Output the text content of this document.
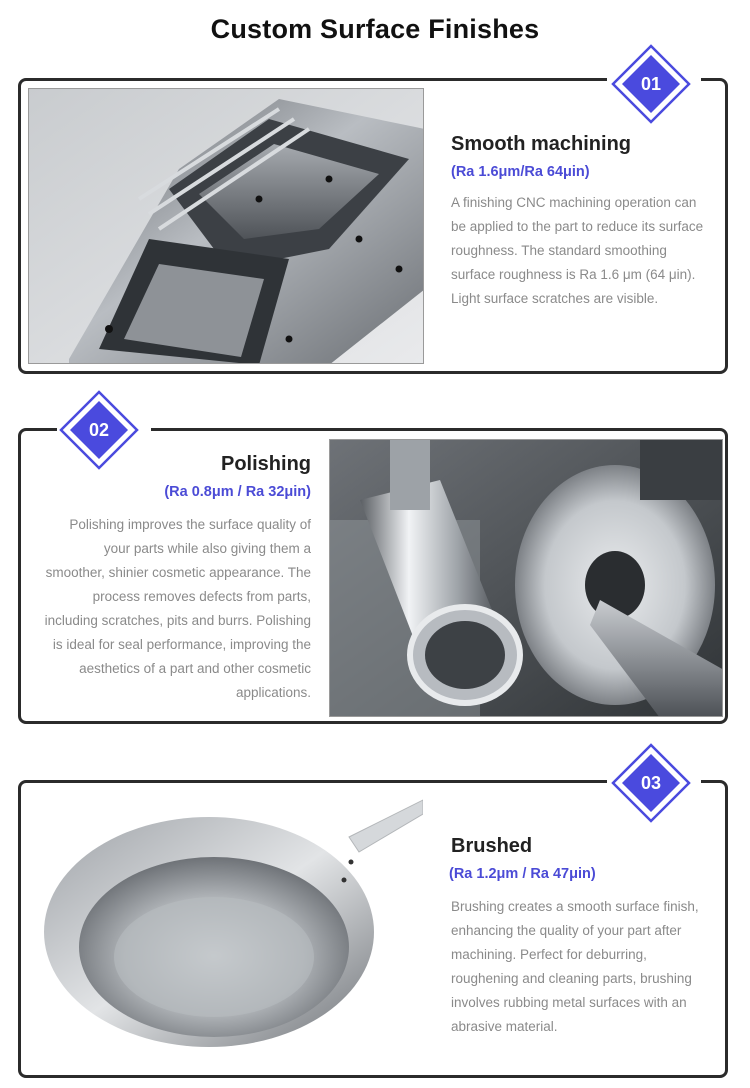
Custom Surface Finishes
01
Smooth machining
(Ra 1.6μm/Ra 64μin)
A finishing CNC machining operation can
be applied to the part to reduce its surface
roughness. The standard smoothing
surface roughness is Ra 1.6 μm (64 μin).
Light surface scratches are visible.
02
Polishing
(Ra 0.8μm / Ra 32μin)
Polishing improves the surface quality of
your parts while also giving them a
smoother, shinier cosmetic appearance. The
process removes defects from parts,
including scratches, pits and burrs. Polishing
is ideal for seal performance, improving the
aesthetics of a part and other cosmetic
applications.
03
Brushed
(Ra 1.2μm / Ra 47μin)
Brushing creates a smooth surface finish,
enhancing the quality of your part after
machining. Perfect for deburring,
roughening and cleaning parts, brushing
involves rubbing metal surfaces with an
abrasive material.
